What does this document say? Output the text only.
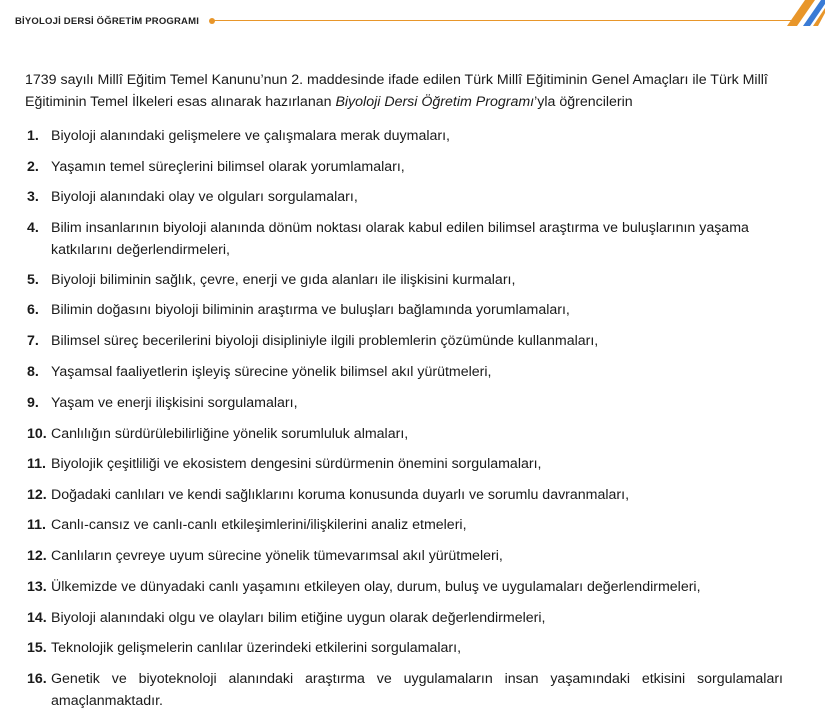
BİYOLOJİ DERSİ ÖĞRETİM PROGRAMI
1739 sayılı Millî Eğitim Temel Kanunu’nun 2. maddesinde ifade edilen Türk Millî Eğitiminin Genel Amaçları ile Türk Millî Eğitiminin Temel İlkeleri esas alınarak hazırlanan Biyoloji Dersi Öğretim Programı’yla öğrencilerin
1. Biyoloji alanındaki gelişmelere ve çalışmalara merak duymaları,
2. Yaşamın temel süreçlerini bilimsel olarak yorumlamaları,
3. Biyoloji alanındaki olay ve olguları sorgulamaları,
4. Bilim insanlarının biyoloji alanında dönüm noktası olarak kabul edilen bilimsel araştırma ve buluşlarının yaşama katkılarını değerlendirmeleri,
5. Biyoloji biliminin sağlık, çevre, enerji ve gıda alanları ile ilişkisini kurmaları,
6. Bilimin doğasını biyoloji biliminin araştırma ve buluşları bağlamında yorumlamaları,
7. Bilimsel süreç becerilerini biyoloji disipliniyle ilgili problemlerin çözümünde kullanmaları,
8. Yaşamsal faaliyetlerin işleyiş sürecine yönelik bilimsel akıl yürütmeleri,
9. Yaşam ve enerji ilişkisini sorgulamaları,
10. Canlılığın sürdürülebilirliğine yönelik sorumluluk almaları,
11. Biyolojik çeşitliliği ve ekosistem dengesini sürdürmenin önemini sorgulamaları,
12. Doğadaki canlıları ve kendi sağlıklarını koruma konusunda duyarlı ve sorumlu davranmaları,
11. Canlı-cansız ve canlı-canlı etkileşimlerini/ilişkilerini analiz etmeleri,
12. Canlıların çevreye uyum sürecine yönelik tümevarımsal akıl yürütmeleri,
13. Ülkemizde ve dünyadaki canlı yaşamını etkileyen olay, durum, buluş ve uygulamaları değerlendirmeleri,
14. Biyoloji alanındaki olgu ve olayları bilim etiğine uygun olarak değerlendirmeleri,
15. Teknolojik gelişmelerin canlılar üzerindeki etkilerini sorgulamaları,
16. Genetik ve biyoteknoloji alanındaki araştırma ve uygulamaların insan yaşamındaki etkisini sorgulamaları amaçlanmaktadır.
